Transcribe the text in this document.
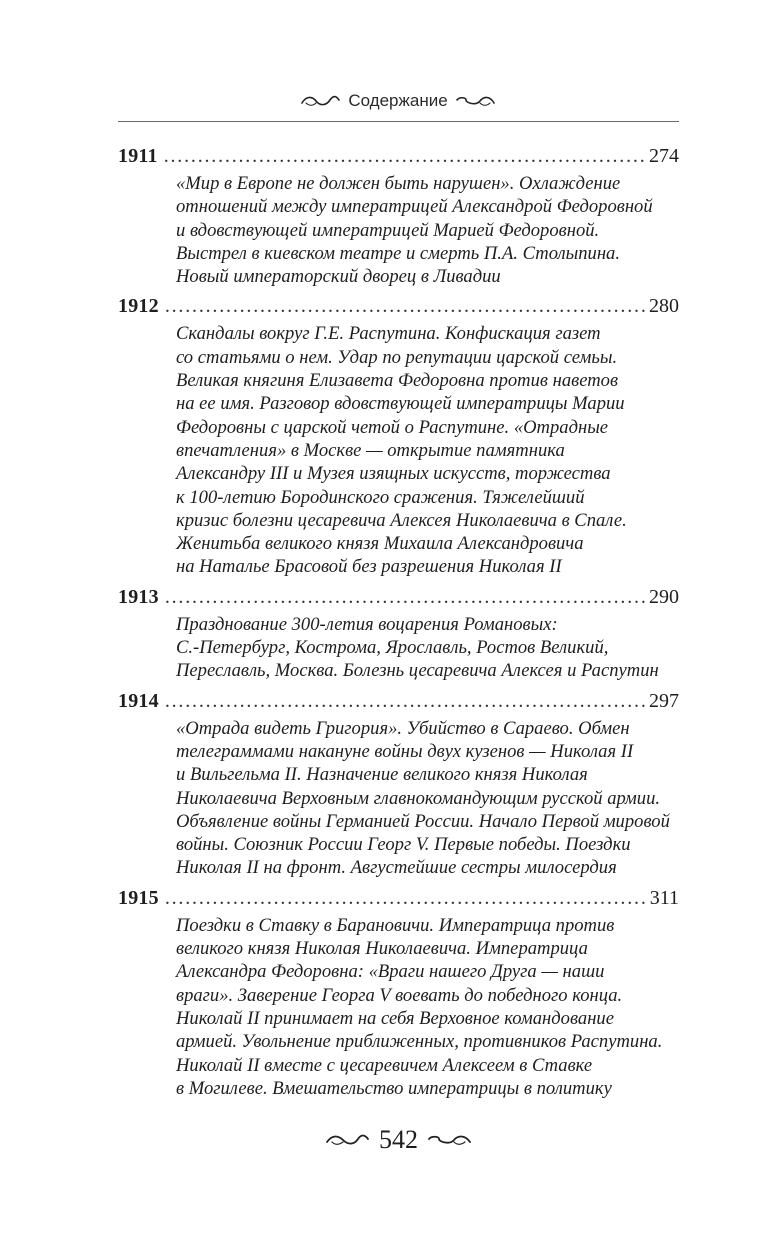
Содержание
1911 . . .	274
«Мир в Европе не должен быть нарушен». Охлаждение
отношений между императрицей Александрой Федоровной
и вдовствующей императрицей Марией Федоровной.
Выстрел в киевском театре и смерть П.А. Столыпина.
Новый императорский дворец в Ливадии
1912 . . .	280
Скандалы вокруг Г.Е. Распутина. Конфискация газет
со статьями о нем. Удар по репутации царской семьы.
Великая княгиня Елизавета Федоровна против наветов
на ее имя. Разговор вдовствующей императрицы Марии
Федоровны с царской четой о Распутине. «Отрадные
впечатления» в Москве — открытие памятника
Александру III и Музея изящных искусств, торжества
к 100-летию Бородинского сражения. Тяжелейший
кризис болезни цесаревича Алексея Николаевича в Спале.
Женитьба великого князя Михаила Александровича
на Наталье Брасовой без разрешения Николая II
1913 . . .	290
Празднование 300-летия воцарения Романовых:
С.-Петербург, Кострома, Ярославль, Ростов Великий,
Переславль, Москва. Болезнь цесаревича Алексея и Распутин
1914 . . .	297
«Отрада видеть Григория». Убийство в Сараево. Обмен
телеграммами накануне войны двух кузенов — Николая II
и Вильгельма II. Назначение великого князя Николая
Николаевича Верховным главнокомандующим русской армии.
Объявление войны Германией России. Начало Первой мировой
войны. Союзник России Георг V. Первые победы. Поездки
Николая II на фронт. Августейшие сестры милосердия
1915 . . .	311
Поездки в Ставку в Барановичи. Императрица против
великого князя Николая Николаевича. Императрица
Александра Федоровна: «Враги нашего Друга — наши
враги». Заверение Георга V воевать до победного конца.
Николай II принимает на себя Верховное командование
армией. Увольнение приближенных, противников Распутина.
Николай II вместе с цесаревичем Алексеем в Ставке
в Могилеве. Вмешательство императрицы в политику
542
